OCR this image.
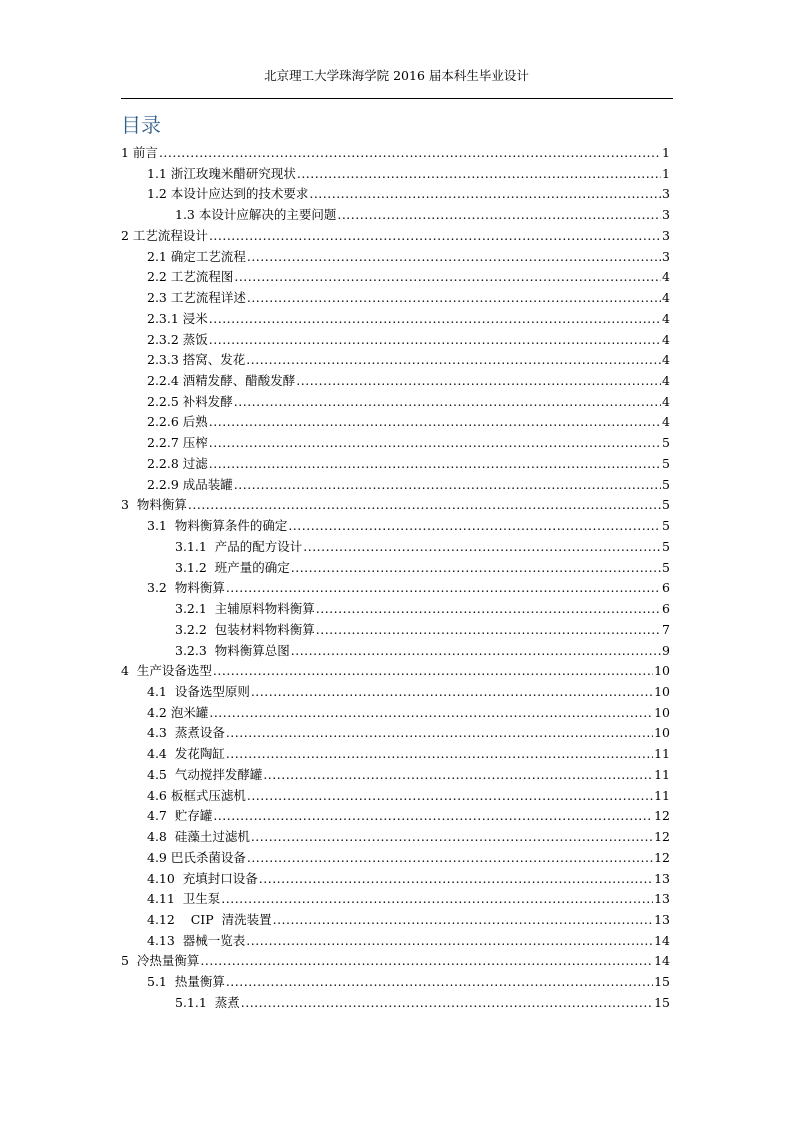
北京理工大学珠海学院 2016 届本科生毕业设计
目录
1 前言 .....	1
1.1 浙江玫瑰米醋研究现状 .....	1
1.2 本设计应达到的技术要求 .....	3
1.3 本设计应解决的主要问题 .....	3
2 工艺流程设计 .....	3
2.1 确定工艺流程 .....	3
2.2 工艺流程图 .....	4
2.3 工艺流程详述 .....	4
2.3.1 浸米 .....	4
2.3.2 蒸饭 .....	4
2.3.3 搭窝、发花 .....	4
2.2.4 酒精发酵、醋酸发酵 .....	4
2.2.5 补料发酵 .....	4
2.2.6 后熟 .....	4
2.2.7 压榨 .....	5
2.2.8 过滤 .....	5
2.2.9 成品装罐 .....	5
3  物料衡算 .....	5
3.1  物料衡算条件的确定 .....	5
3.1.1  产品的配方设计 .....	5
3.1.2  班产量的确定 .....	5
3.2  物料衡算 .....	6
3.2.1  主辅原料物料衡算 .....	6
3.2.2  包装材料物料衡算 .....	7
3.2.3  物料衡算总图 .....	9
4  生产设备选型 .....	10
4.1  设备选型原则 .....	10
4.2 泡米罐 .....	10
4.3  蒸煮设备 .....	10
4.4  发花陶缸 .....	11
4.5  气动搅拌发酵罐 .....	11
4.6 板框式压滤机 .....	11
4.7  贮存罐 .....	12
4.8  硅藻土过滤机 .....	12
4.9 巴氏杀菌设备 .....	12
4.10  充填封口设备 .....	13
4.11  卫生泵 .....	13
4.12    CIP  清洗装置 .....	13
4.13  器械一览表 .....	14
5  冷热量衡算 .....	14
5.1  热量衡算 .....	15
5.1.1  蒸煮 .....	15
